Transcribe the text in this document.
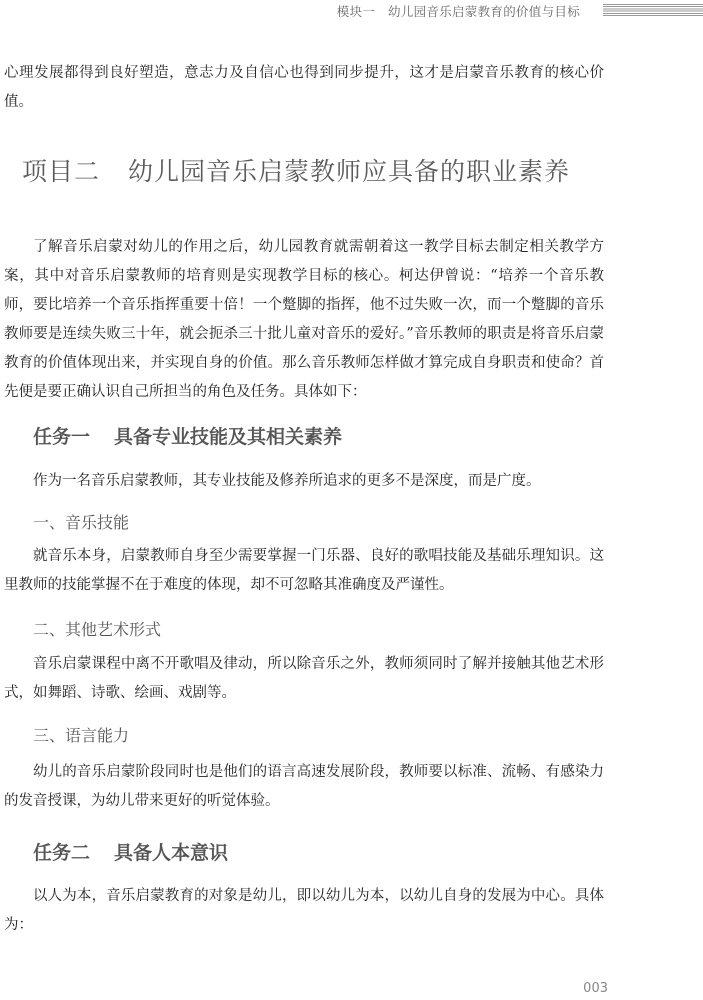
模块一　幼儿园音乐启蒙教育的价值与目标

心理发展都得到良好塑造，意志力及自信心也得到同步提升，这才是启蒙音乐教育的核心价值。

项目二 幼儿园音乐启蒙教师应具备的职业素养

了解音乐启蒙对幼儿的作用之后，幼儿园教育就需朝着这一教学目标去制定相关教学方案，其中对音乐启蒙教师的培育则是实现教学目标的核心。柯达伊曾说：“培养一个音乐教师，要比培养一个音乐指挥重要十倍！一个蹩脚的指挥，他不过失败一次，而一个蹩脚的音乐教师要是连续失败三十年，就会扼杀三十批儿童对音乐的爱好。”音乐教师的职责是将音乐启蒙教育的价值体现出来，并实现自身的价值。那么音乐教师怎样做才算完成自身职责和使命？首先便是要正确认识自己所担当的角色及任务。具体如下：

任务一 具备专业技能及其相关素养

作为一名音乐启蒙教师，其专业技能及修养所追求的更多不是深度，而是广度。

一、音乐技能

就音乐本身，启蒙教师自身至少需要掌握一门乐器、良好的歌唱技能及基础乐理知识。这里教师的技能掌握不在于难度的体现，却不可忽略其准确度及严谨性。

二、其他艺术形式

音乐启蒙课程中离不开歌唱及律动，所以除音乐之外，教师须同时了解并接触其他艺术形式，如舞蹈、诗歌、绘画、戏剧等。

三、语言能力

幼儿的音乐启蒙阶段同时也是他们的语言高速发展阶段，教师要以标准、流畅、有感染力的发音授课，为幼儿带来更好的听觉体验。

任务二 具备人本意识

以人为本，音乐启蒙教育的对象是幼儿，即以幼儿为本，以幼儿自身的发展为中心。具体为：

003
